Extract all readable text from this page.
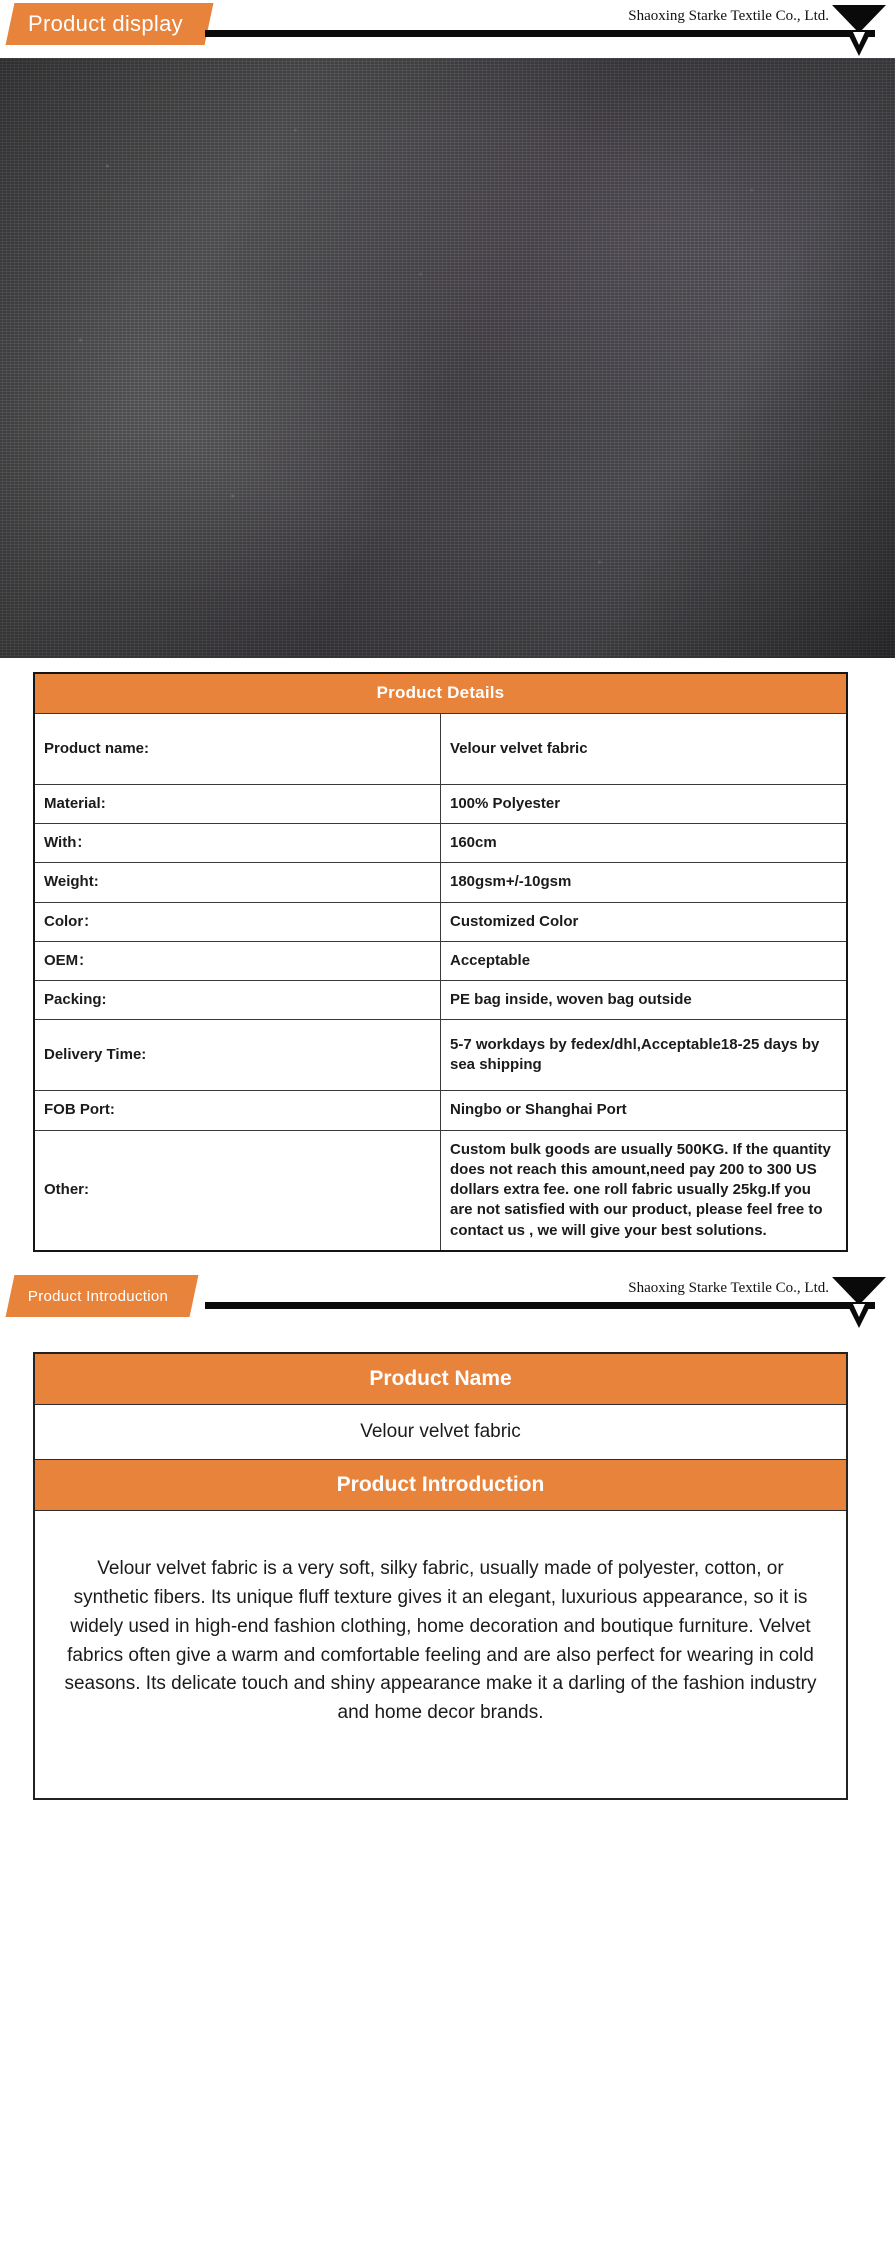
Product display	Shaoxing Starke Textile Co., Ltd.
Product Details	
Product name:	Velour velvet fabric
Material:	100% Polyester
With：	160cm
Weight:	180gsm+/-10gsm
Color：	Customized Color
OEM：	Acceptable
Packing:	PE bag inside, woven bag outside
Delivery Time:	5-7 workdays by fedex/dhl,Acceptable18-25 days by sea shipping
FOB Port:	Ningbo or Shanghai Port
Other:	Custom bulk goods are usually 500KG. If the quantity does not reach this amount,need pay 200 to 300 US dollars extra fee. one roll fabric usually 25kg.If you are not satisfied with our product, please feel free to contact us , we will give your best solutions.
Product Introduction	Shaoxing Starke Textile Co., Ltd.
Product Name
Velour velvet fabric
Product Introduction
Velour velvet fabric is a very soft, silky fabric, usually made of polyester, cotton, or synthetic fibers. Its unique fluff texture gives it an elegant, luxurious appearance, so it is widely used in high-end fashion clothing, home decoration and boutique furniture. Velvet fabrics often give a warm and comfortable feeling and are also perfect for wearing in cold seasons. Its delicate touch and shiny appearance make it a darling of the fashion industry and home decor brands.
